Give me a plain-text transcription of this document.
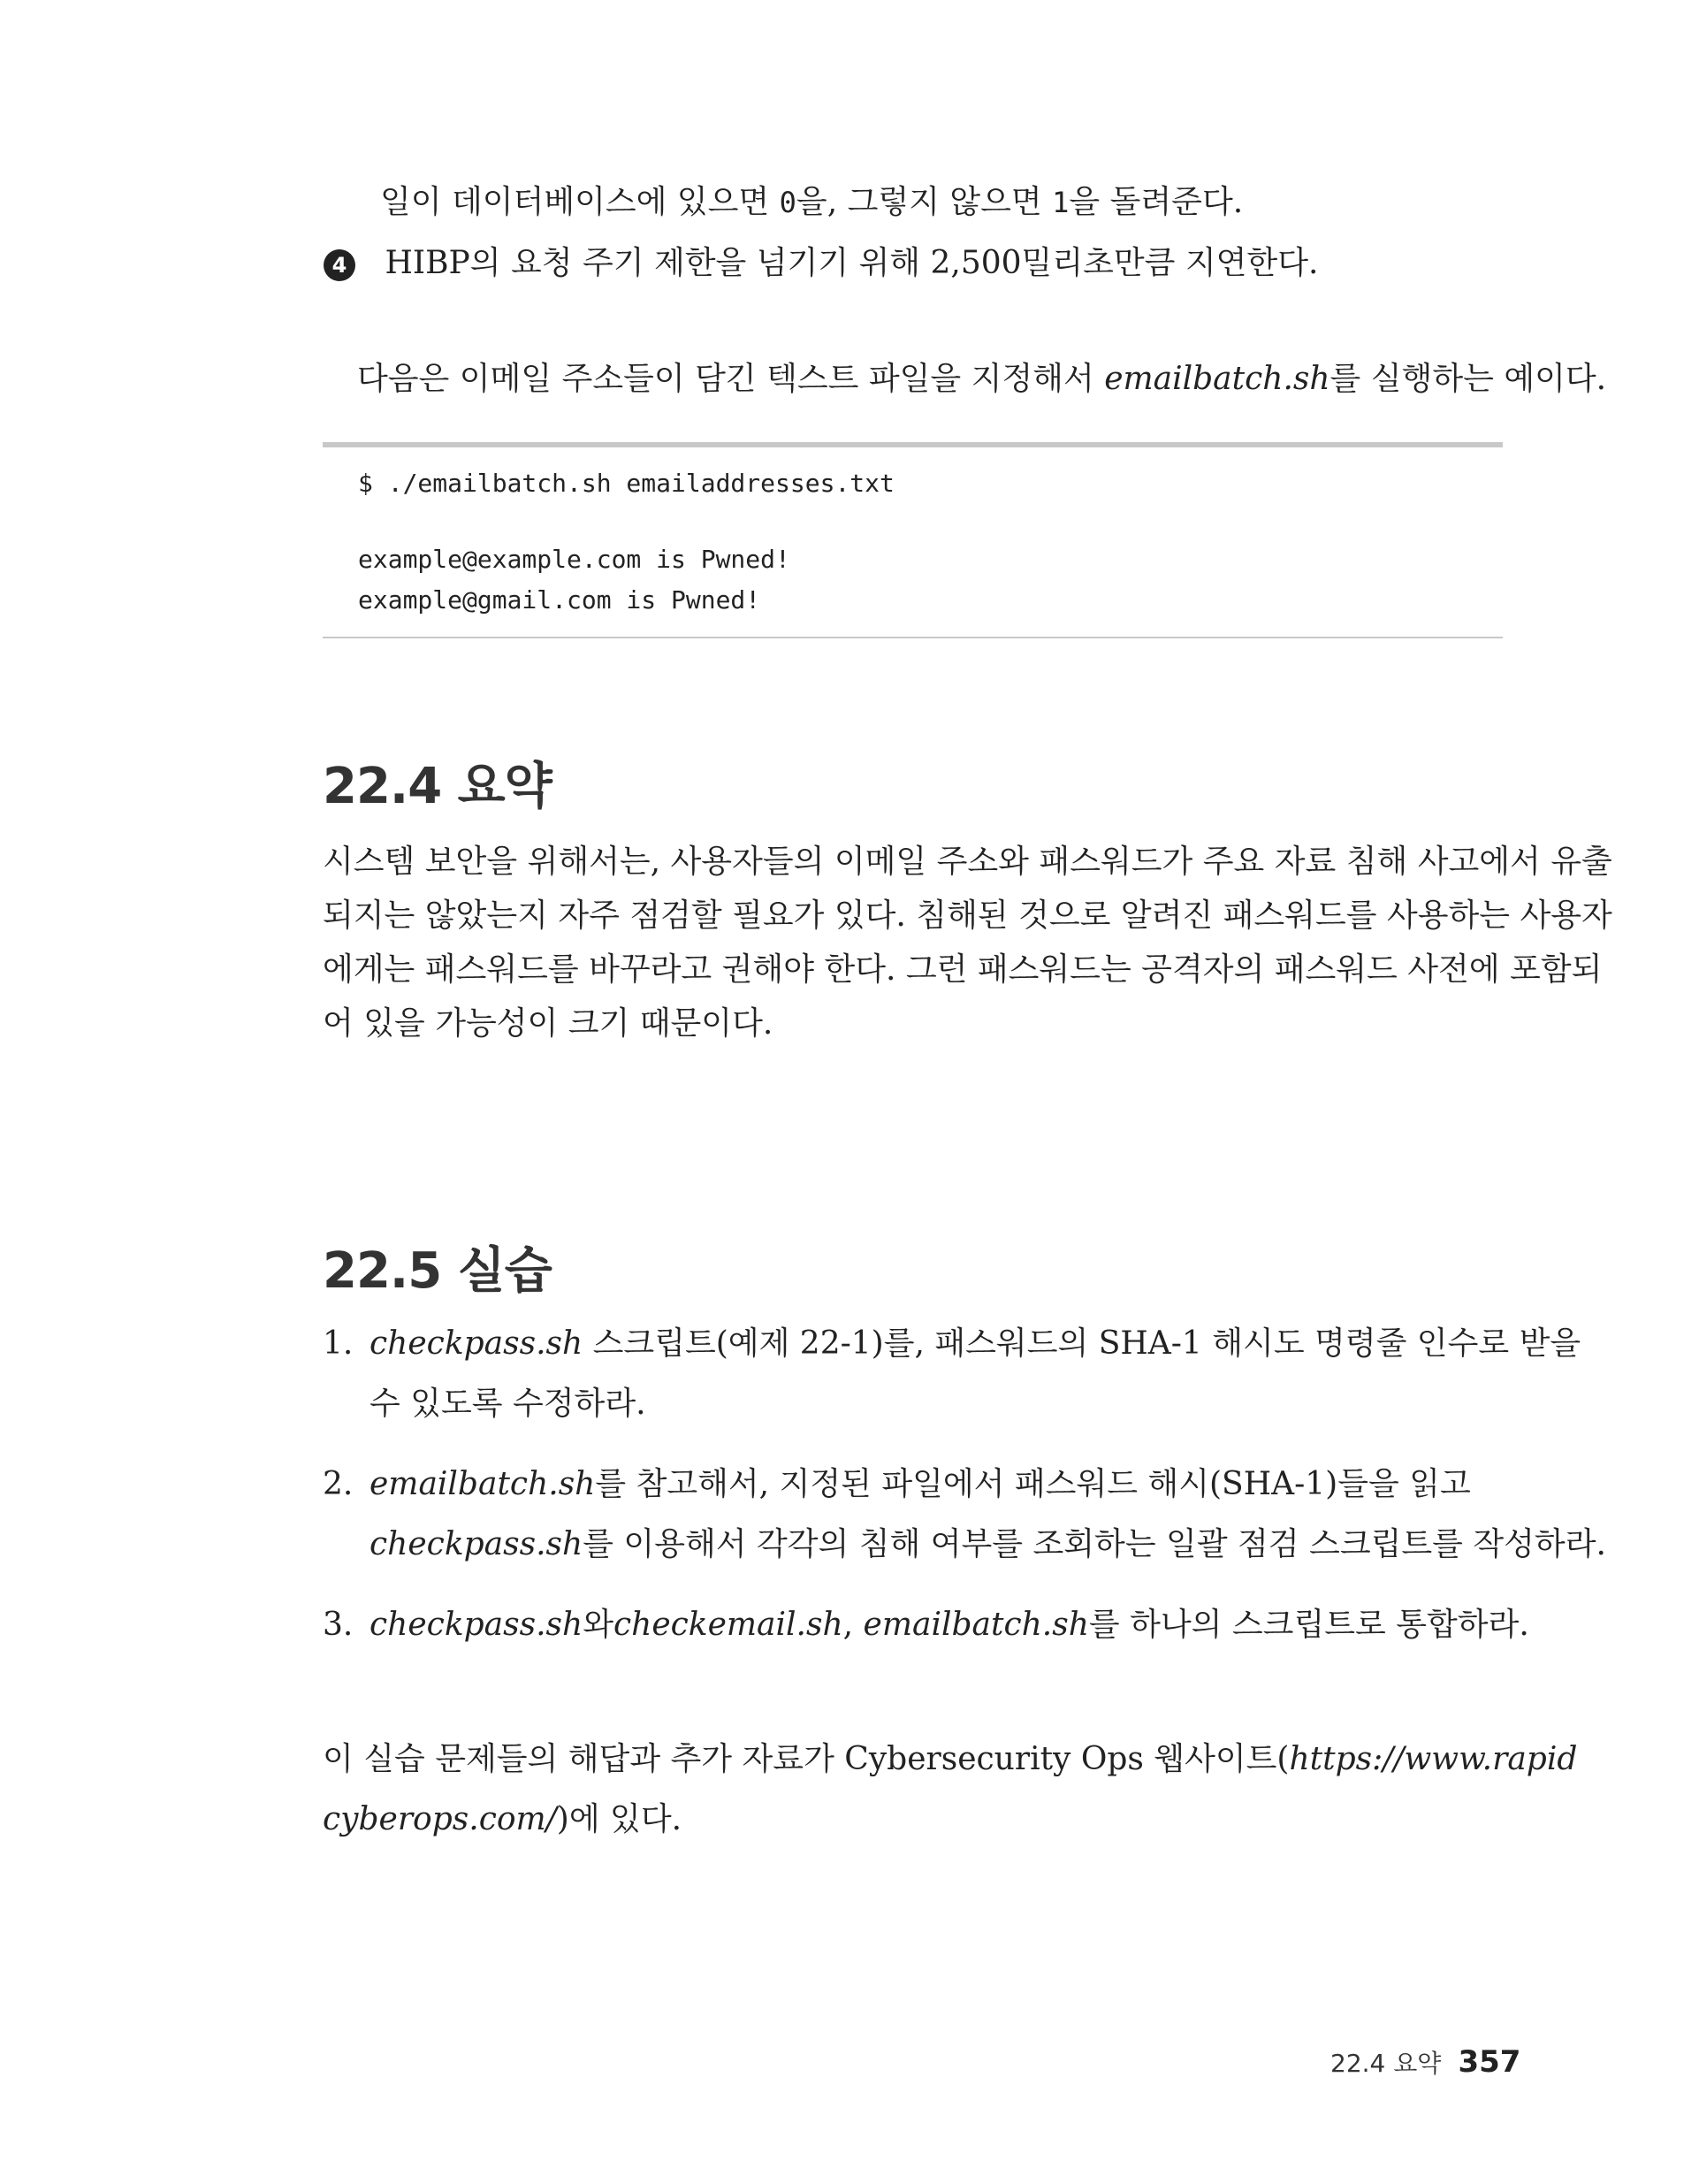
일이 데이터베이스에 있으면 0을, 그렇지 않으면 1을 돌려준다.
4 HIBP의 요청 주기 제한을 넘기기 위해 2,500밀리초만큼 지연한다.
다음은 이메일 주소들이 담긴 텍스트 파일을 지정해서 emailbatch.sh를 실행하는 예이다.
$ ./emailbatch.sh emailaddresses.txt
example@example.com is Pwned!
example@gmail.com is Pwned!
22.4 요약
시스템 보안을 위해서는, 사용자들의 이메일 주소와 패스워드가 주요 자료 침해 사고에서 유출
되지는 않았는지 자주 점검할 필요가 있다. 침해된 것으로 알려진 패스워드를 사용하는 사용자
에게는 패스워드를 바꾸라고 권해야 한다. 그런 패스워드는 공격자의 패스워드 사전에 포함되
어 있을 가능성이 크기 때문이다.
22.5 실습
1. checkpass.sh 스크립트(예제 22-1)를, 패스워드의 SHA-1 해시도 명령줄 인수로 받을
수 있도록 수정하라.
2. emailbatch.sh를 참고해서, 지정된 파일에서 패스워드 해시(SHA-1)들을 읽고
checkpass.sh를 이용해서 각각의 침해 여부를 조회하는 일괄 점검 스크립트를 작성하라.
3. checkpass.sh와checkemail.sh, emailbatch.sh를 하나의 스크립트로 통합하라.
이 실습 문제들의 해답과 추가 자료가 Cybersecurity Ops 웹사이트(https://www.rapid
cyberops.com/)에 있다.
22.4 요약 357
